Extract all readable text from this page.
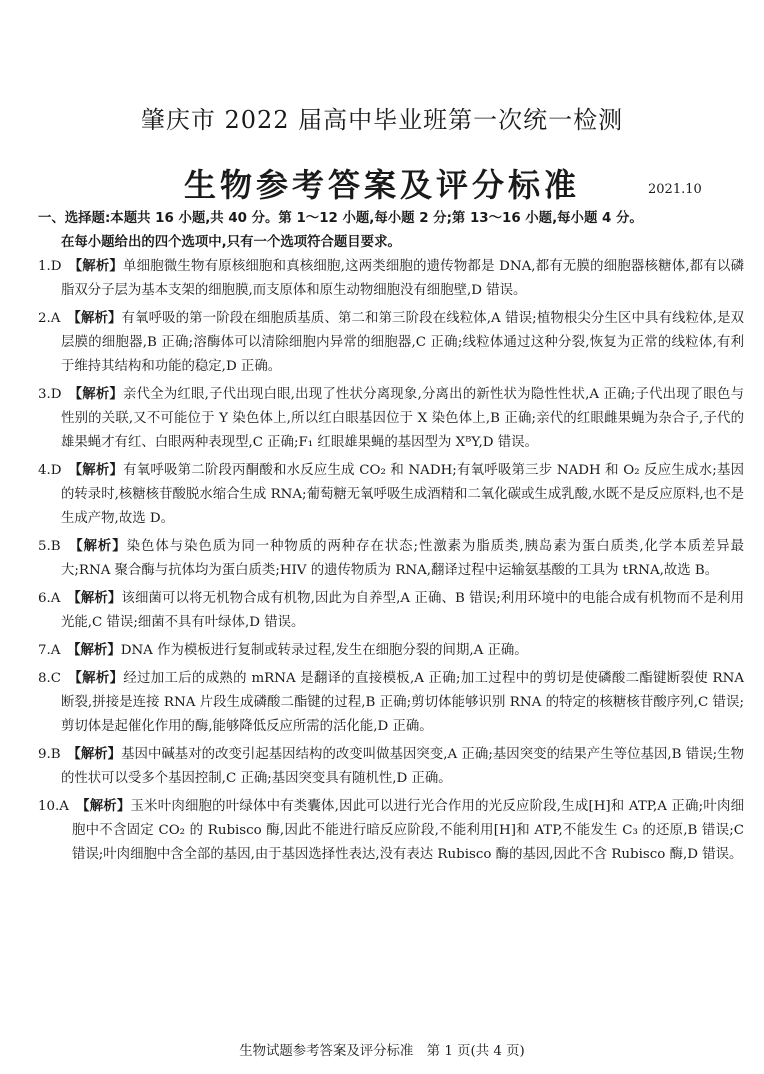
肇庆市 2022 届高中毕业班第一次统一检测
生物参考答案及评分标准	2021.10
一、选择题:本题共 16 小题,共 40 分。第 1～12 小题,每小题 2 分;第 13～16 小题,每小题 4 分。
在每小题给出的四个选项中,只有一个选项符合题目要求。
1.D　 【解析】单细胞微生物有原核细胞和真核细胞,这两类细胞的遗传物都是 DNA,都有无膜的细胞器核糖体,都有以磷脂双分子层为基本支架的细胞膜,而支原体和原生动物细胞没有细胞壁,D 错误。
2.A　 【解析】有氧呼吸的第一阶段在细胞质基质、第二和第三阶段在线粒体,A 错误;植物根尖分生区中具有线粒体,是双层膜的细胞器,B 正确;溶酶体可以清除细胞内异常的细胞器,C 正确;线粒体通过这种分裂,恢复为正常的线粒体,有利于维持其结构和功能的稳定,D 正确。
3.D　 【解析】亲代全为红眼,子代出现白眼,出现了性状分离现象,分离出的新性状为隐性性状,A 正确;子代出现了眼色与性别的关联,又不可能位于 Y 染色体上,所以红白眼基因位于 X 染色体上,B 正确;亲代的红眼雌果蝇为杂合子,子代的雄果蝇才有红、白眼两种表现型,C 正确;F₁ 红眼雄果蝇的基因型为 XᴮY,D 错误。
4.D　 【解析】有氧呼吸第二阶段丙酮酸和水反应生成 CO₂ 和 NADH;有氧呼吸第三步 NADH 和 O₂ 反应生成水;基因的转录时,核糖核苷酸脱水缩合生成 RNA;葡萄糖无氧呼吸生成酒精和二氧化碳或生成乳酸,水既不是反应原料,也不是生成产物,故选 D。
5.B　 【解析】染色体与染色质为同一种物质的两种存在状态;性激素为脂质类,胰岛素为蛋白质类,化学本质差异最大;RNA 聚合酶与抗体均为蛋白质类;HIV 的遗传物质为 RNA,翻译过程中运输氨基酸的工具为 tRNA,故选 B。
6.A　 【解析】该细菌可以将无机物合成有机物,因此为自养型,A 正确、B 错误;利用环境中的电能合成有机物而不是利用光能,C 错误;细菌不具有叶绿体,D 错误。
7.A　 【解析】DNA 作为模板进行复制或转录过程,发生在细胞分裂的间期,A 正确。
8.C　 【解析】经过加工后的成熟的 mRNA 是翻译的直接模板,A 正确;加工过程中的剪切是使磷酸二酯键断裂使 RNA 断裂,拼接是连接 RNA 片段生成磷酸二酯键的过程,B 正确;剪切体能够识别 RNA 的特定的核糖核苷酸序列,C 错误;剪切体是起催化作用的酶,能够降低反应所需的活化能,D 正确。
9.B　 【解析】基因中碱基对的改变引起基因结构的改变叫做基因突变,A 正确;基因突变的结果产生等位基因,B 错误;生物的性状可以受多个基因控制,C 正确;基因突变具有随机性,D 正确。
10.A　 【解析】玉米叶肉细胞的叶绿体中有类囊体,因此可以进行光合作用的光反应阶段,生成[H]和 ATP,A 正确;叶肉细胞中不含固定 CO₂ 的 Rubisco 酶,因此不能进行暗反应阶段,不能利用[H]和 ATP,不能发生 C₃ 的还原,B 错误;C 错误;叶肉细胞中含全部的基因,由于基因选择性表达,没有表达 Rubisco 酶的基因,因此不含 Rubisco 酶,D 错误。
生物试题参考答案及评分标准　第 1 页(共 4 页)
